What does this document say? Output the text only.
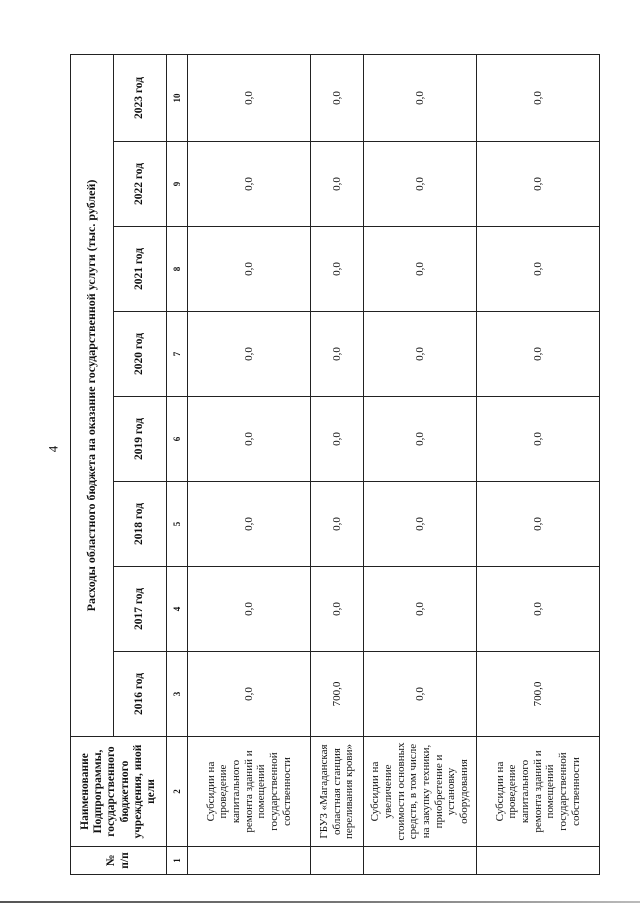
4
№ п/п	Наименование Подпрограммы, государственного бюджетного учреждения, иной цели	Расходы областного бюджета на оказание государственной услуги (тыс. рублей)							
		2016 год	2017 год	2018 год	2019 год	2020 год	2021 год	2022 год	2023 год
1	2	3	4	5	6	7	8	9	10
	Субсидии на проведение капитального ремонта зданий и помещений государственной собственности	0,0	0,0	0,0	0,0	0,0	0,0	0,0	0,0
	ГБУЗ «Магаданская областная станция переливания крови»	700,0	0,0	0,0	0,0	0,0	0,0	0,0	0,0
	Субсидии на увеличение стоимости основных средств, в том числе на закупку техники, приобретение и установку оборудования	0,0	0,0	0,0	0,0	0,0	0,0	0,0	0,0
	Субсидии на проведение капитального ремонта зданий и помещений государственной собственности	700,0	0,0	0,0	0,0	0,0	0,0	0,0	0,0
